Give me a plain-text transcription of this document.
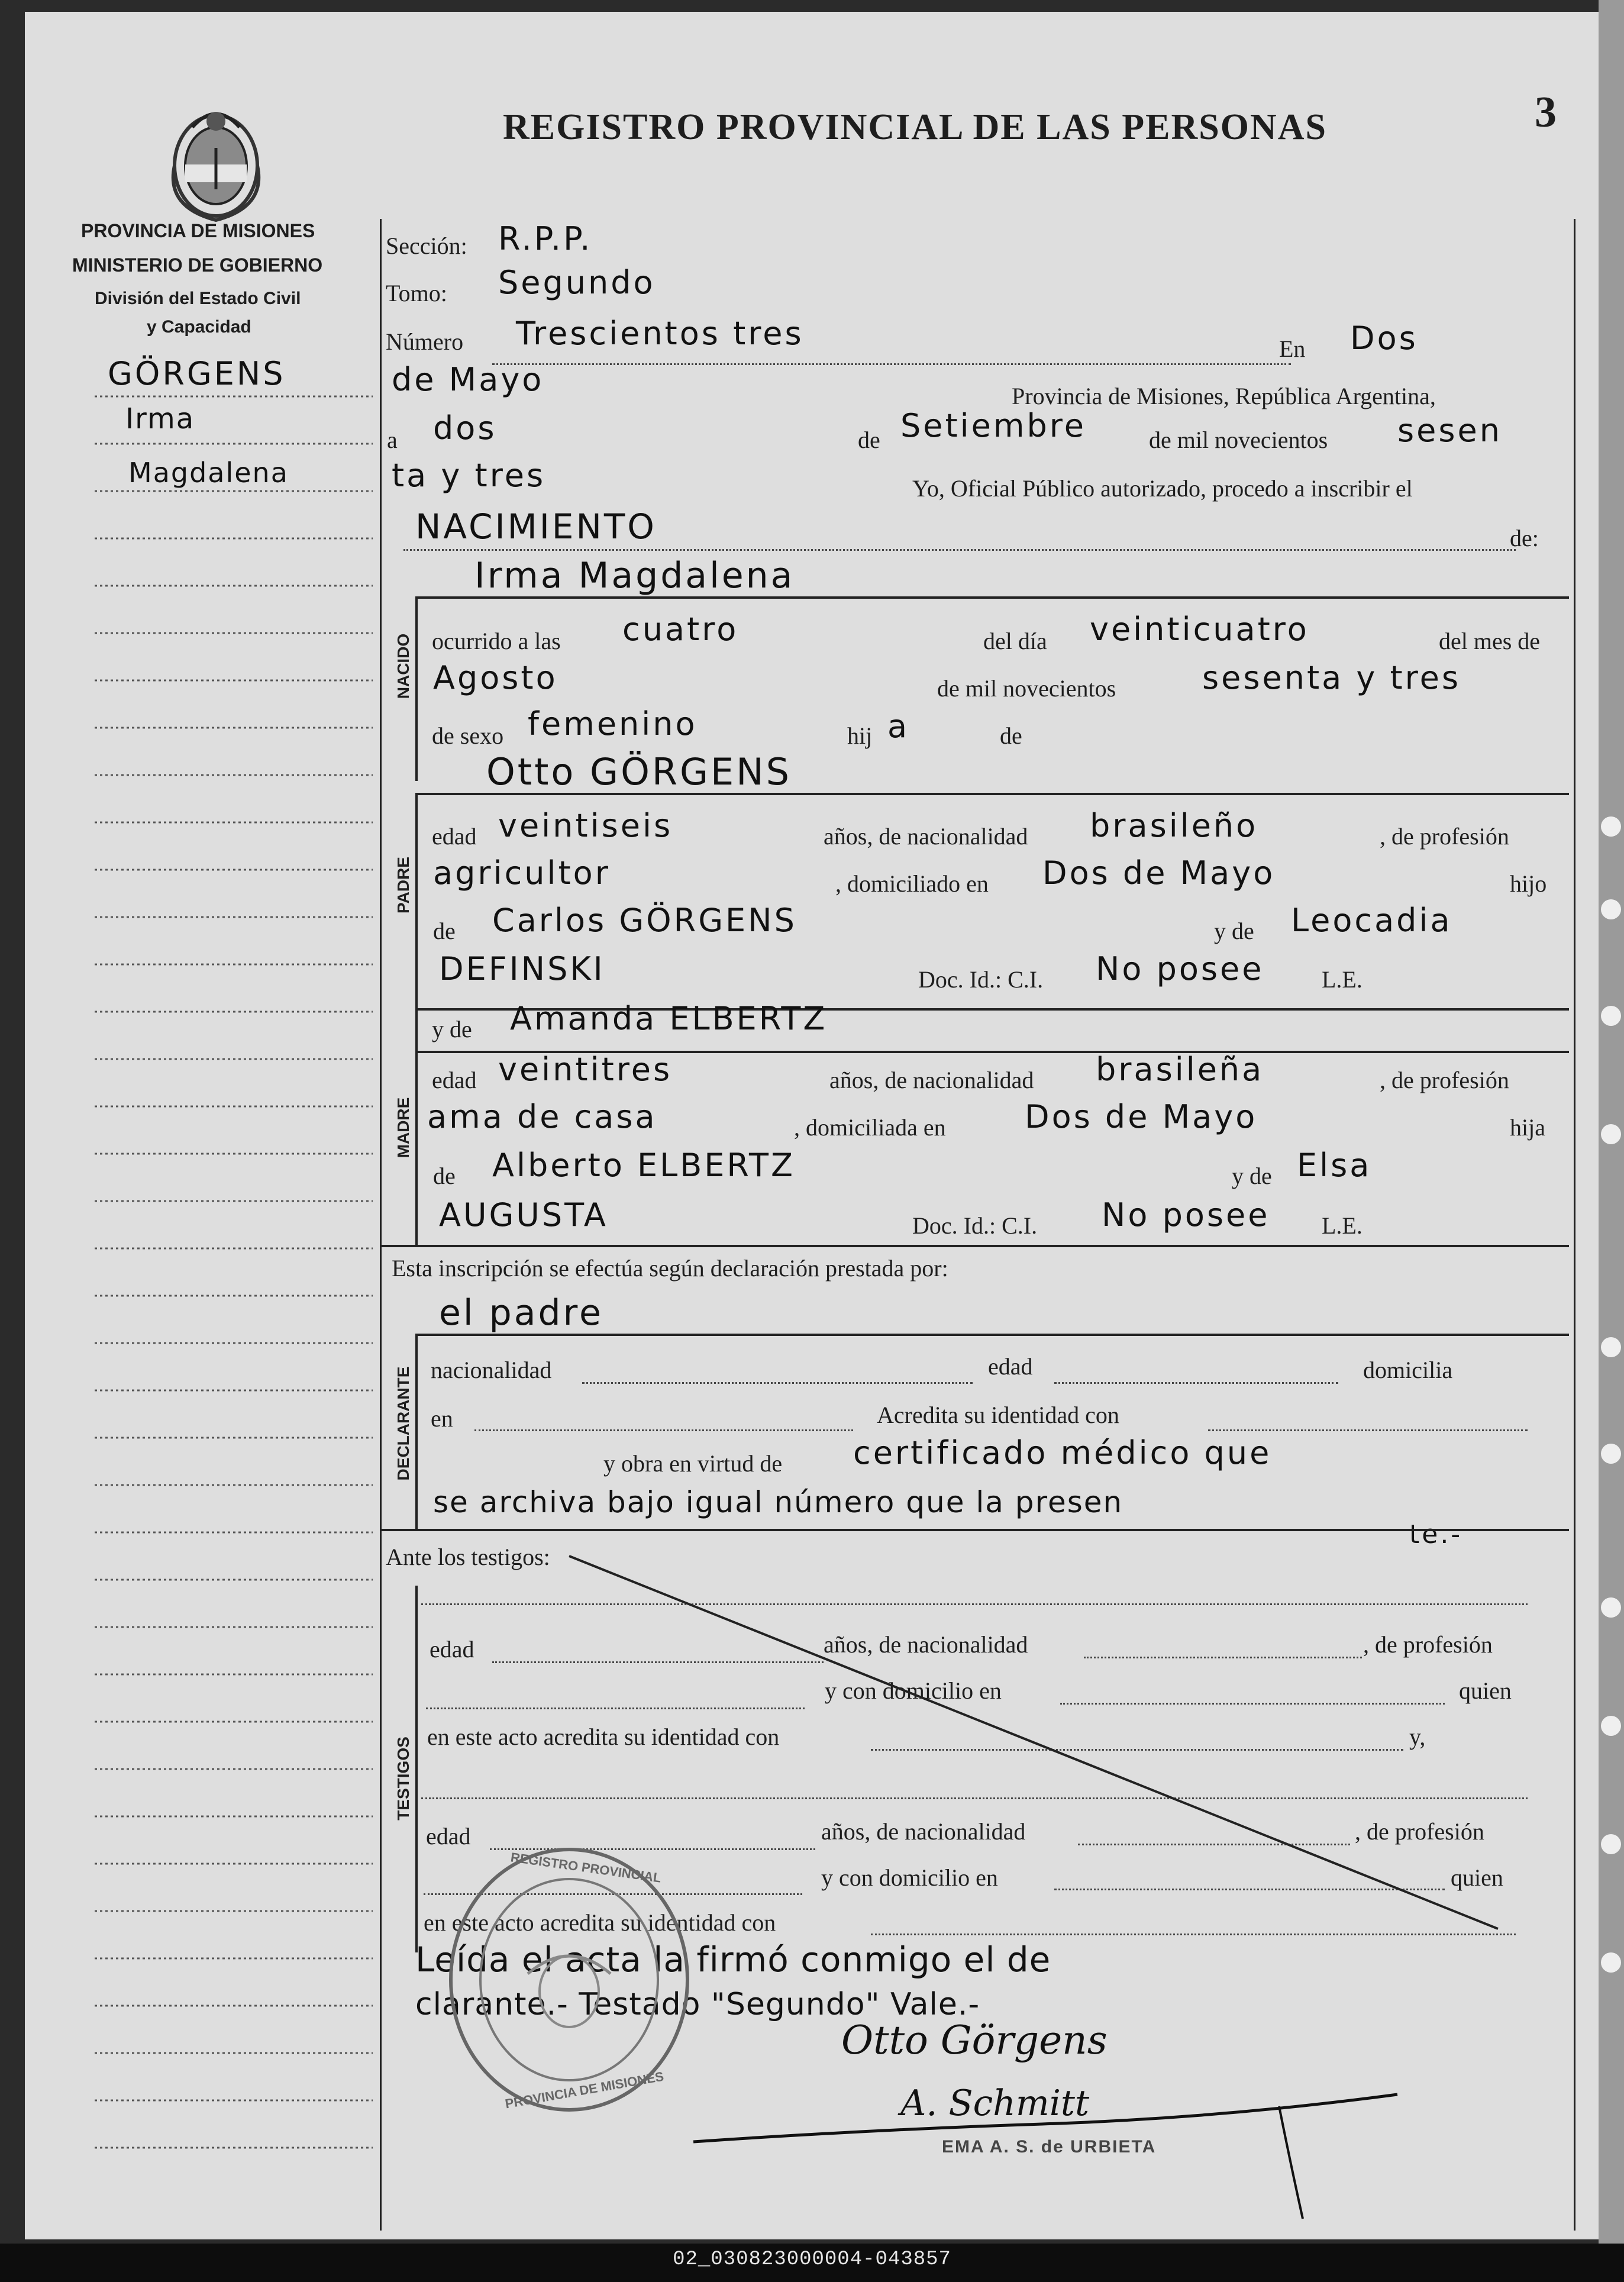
REGISTRO PROVINCIAL DE LAS PERSONAS	3
PROVINCIA DE MISIONES
MINISTERIO DE GOBIERNO
División del Estado Civil
y Capacidad
GÖRGENS
Irma
Magdalena
Sección: R.P.P.
Tomo: Segundo
Número Trescientos tres	En Dos
de Mayo	Provincia de Misiones, República Argentina,
a dos	de Setiembre	de mil novecientos sesen
ta y tres	Yo, Oficial Público autorizado, procedo a inscribir el
NACIMIENTO	de:
Irma Magdalena
NACIDO ocurrido a las cuatro	del día veinticuatro	del mes de
Agosto	de mil novecientos	sesenta y tres
de sexo femenino	hij a	de
Otto GÖRGENS
PADRE
edad veintiseis	años, de nacionalidad brasileño	, de profesión
agricultor	, domiciliado en Dos de Mayo	hijo
de Carlos GÖRGENS	y de Leocadia
DEFINSKI	Doc. Id.: C.I. No posee L.E.
MADRE
y de Amanda ELBERTZ
edad veintitres	años, de nacionalidad brasileña	, de profesión
ama de casa	, domiciliada en Dos de Mayo	hija
de Alberto ELBERTZ	y de Elsa
AUGUSTA	Doc. Id.: C.I. No posee L.E.
Esta inscripción se efectúa según declaración prestada por:
el padre
DECLARANTE nacionalidad	edad	domicilia
en	Acredita su identidad con
y obra en virtud de certificado médico que
se archiva bajo igual número que la presen
te.-
Ante los testigos:
TESTIGOS
edad	años, de nacionalidad	, de profesión
y con domicilio en	quien
en este acto acredita su identidad con	y,
edad	años, de nacionalidad	, de profesión
y con domicilio en	quien
en este acto acredita su identidad con
Leída el acta la firmó conmigo el de
clarante.- Testado "Segundo" Vale.-
REGISTRO PROVINCIAL
PROVINCIA DE MISIONES
Otto Görgens
A. Schmitt
EMA A. S. de URBIETA
02_030823000004-043857
